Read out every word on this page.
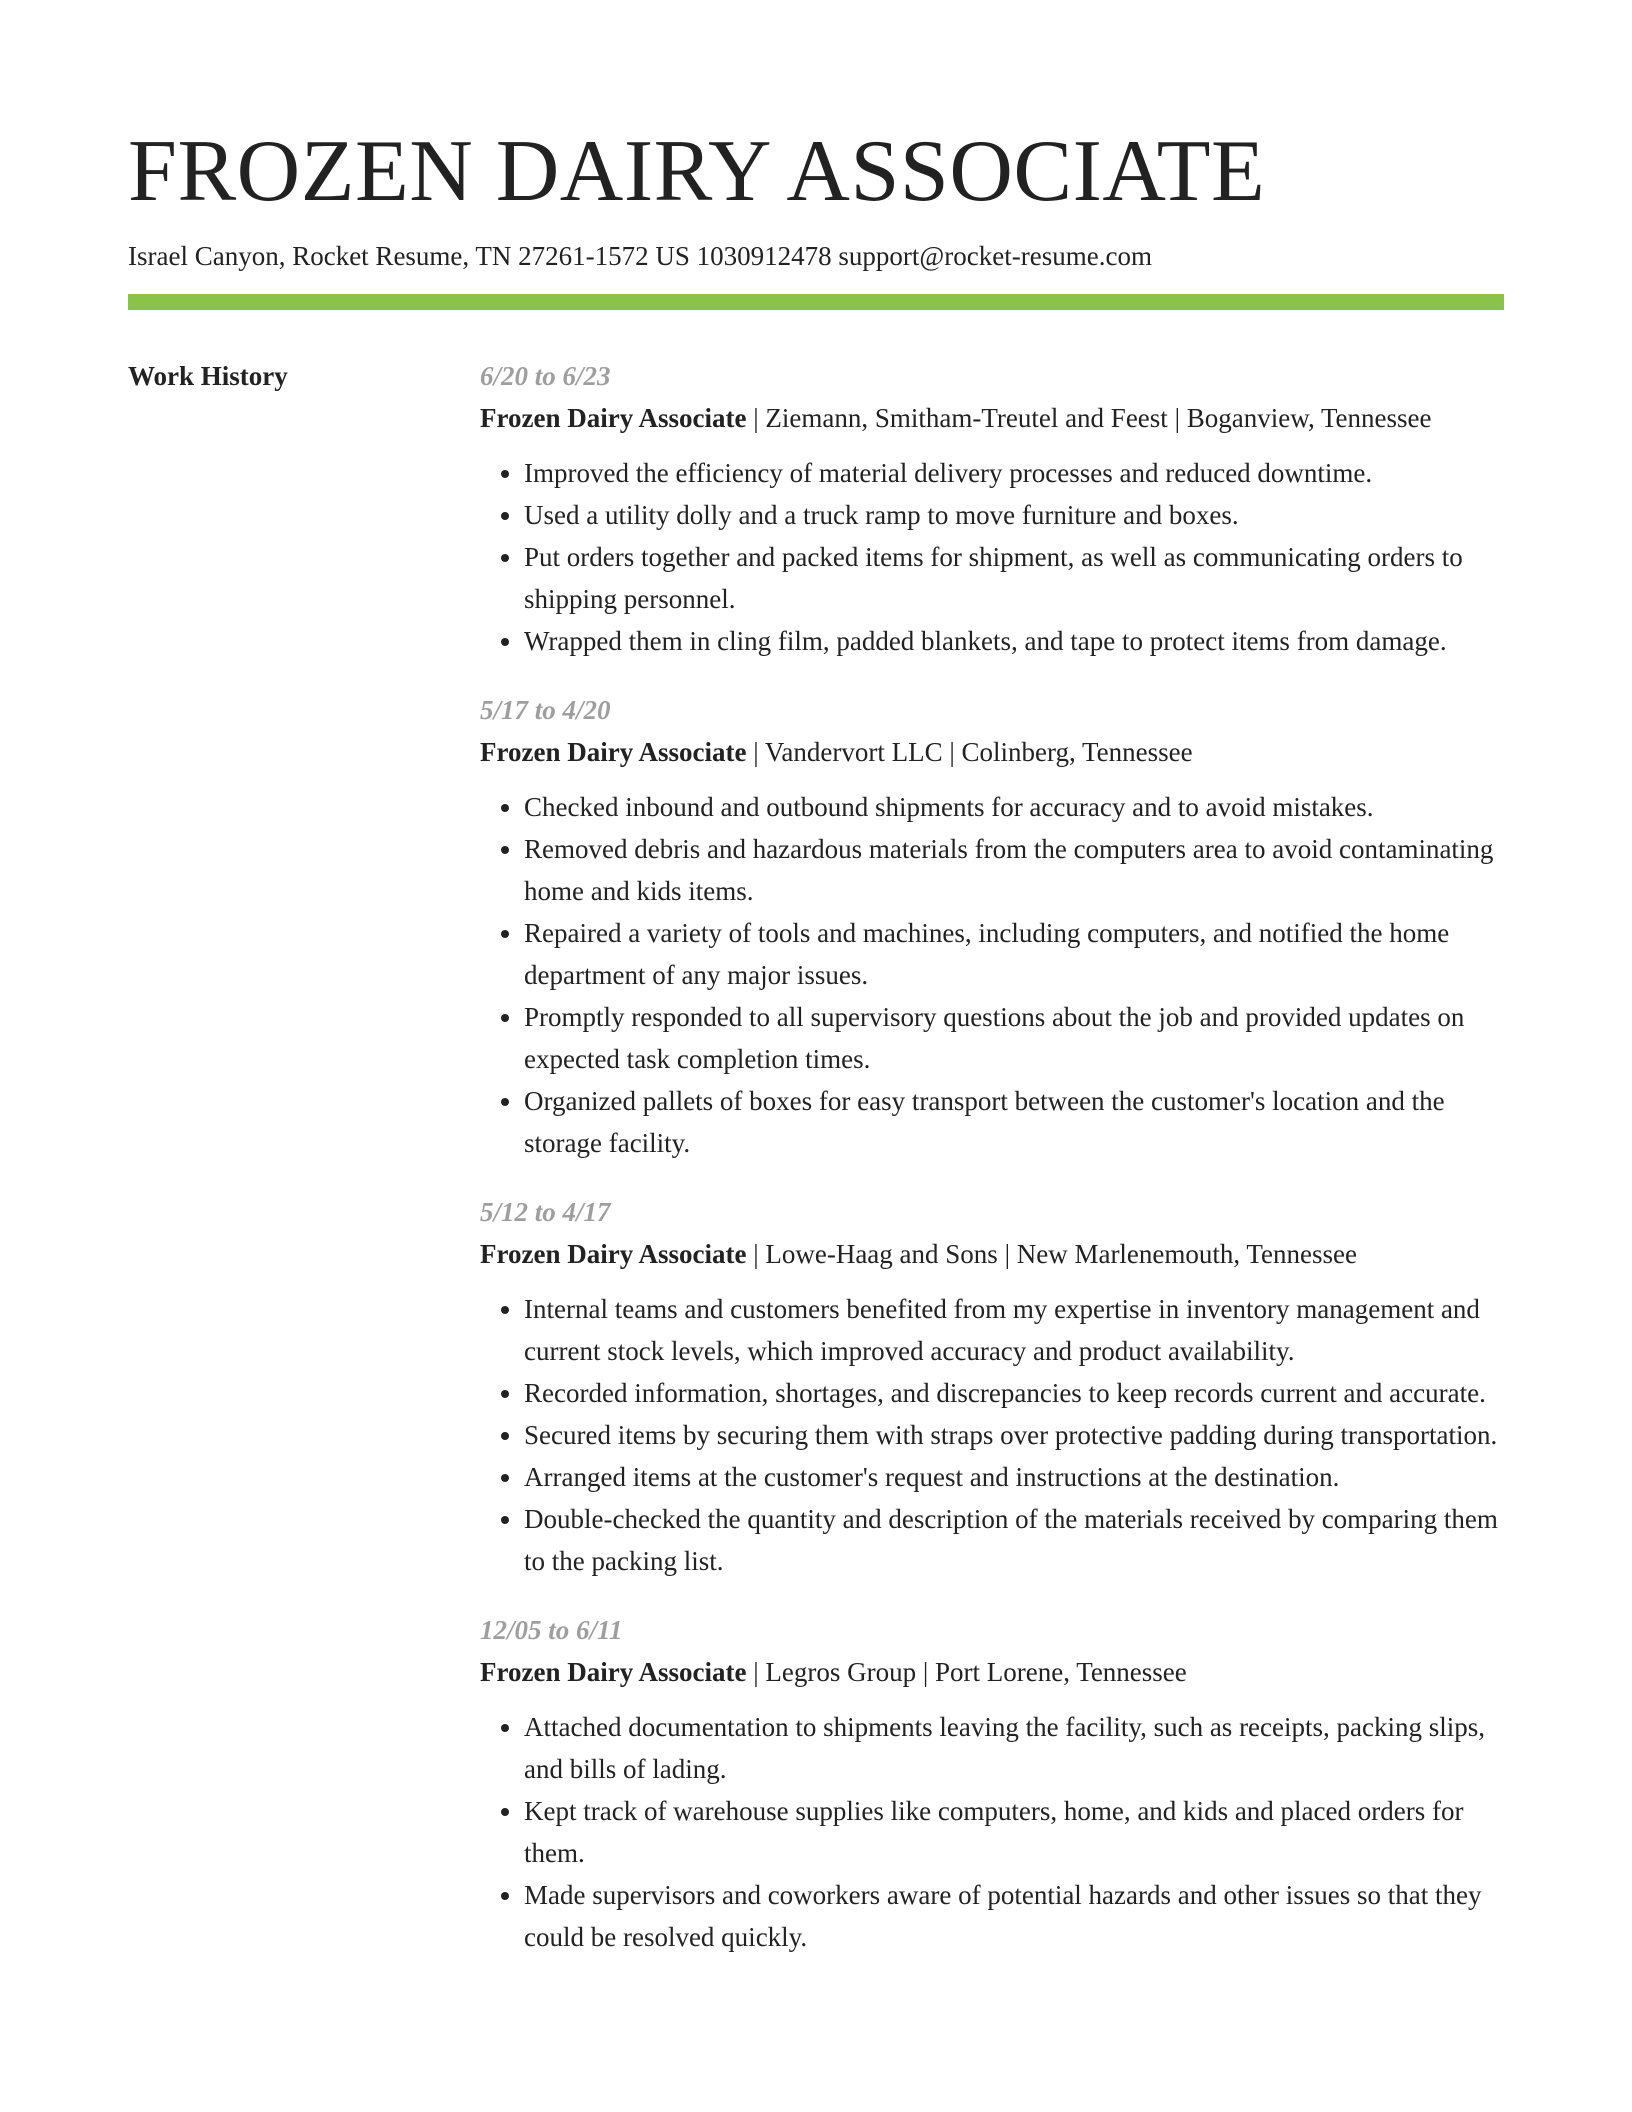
FROZEN DAIRY ASSOCIATE
Israel Canyon, Rocket Resume, TN 27261-1572 US 1030912478 support@rocket-resume.com
Work History	6/20 to 6/23
Frozen Dairy Associate | Ziemann, Smitham-Treutel and Feest | Boganview, Tennessee
• Improved the efficiency of material delivery processes and reduced downtime.
• Used a utility dolly and a truck ramp to move furniture and boxes.
• Put orders together and packed items for shipment, as well as communicating orders to shipping personnel.
• Wrapped them in cling film, padded blankets, and tape to protect items from damage.
5/17 to 4/20
Frozen Dairy Associate | Vandervort LLC | Colinberg, Tennessee
• Checked inbound and outbound shipments for accuracy and to avoid mistakes.
• Removed debris and hazardous materials from the computers area to avoid contaminating home and kids items.
• Repaired a variety of tools and machines, including computers, and notified the home department of any major issues.
• Promptly responded to all supervisory questions about the job and provided updates on expected task completion times.
• Organized pallets of boxes for easy transport between the customer's location and the storage facility.
5/12 to 4/17
Frozen Dairy Associate | Lowe-Haag and Sons | New Marlenemouth, Tennessee
• Internal teams and customers benefited from my expertise in inventory management and current stock levels, which improved accuracy and product availability.
• Recorded information, shortages, and discrepancies to keep records current and accurate.
• Secured items by securing them with straps over protective padding during transportation.
• Arranged items at the customer's request and instructions at the destination.
• Double-checked the quantity and description of the materials received by comparing them to the packing list.
12/05 to 6/11
Frozen Dairy Associate | Legros Group | Port Lorene, Tennessee
• Attached documentation to shipments leaving the facility, such as receipts, packing slips, and bills of lading.
• Kept track of warehouse supplies like computers, home, and kids and placed orders for them.
• Made supervisors and coworkers aware of potential hazards and other issues so that they could be resolved quickly.
